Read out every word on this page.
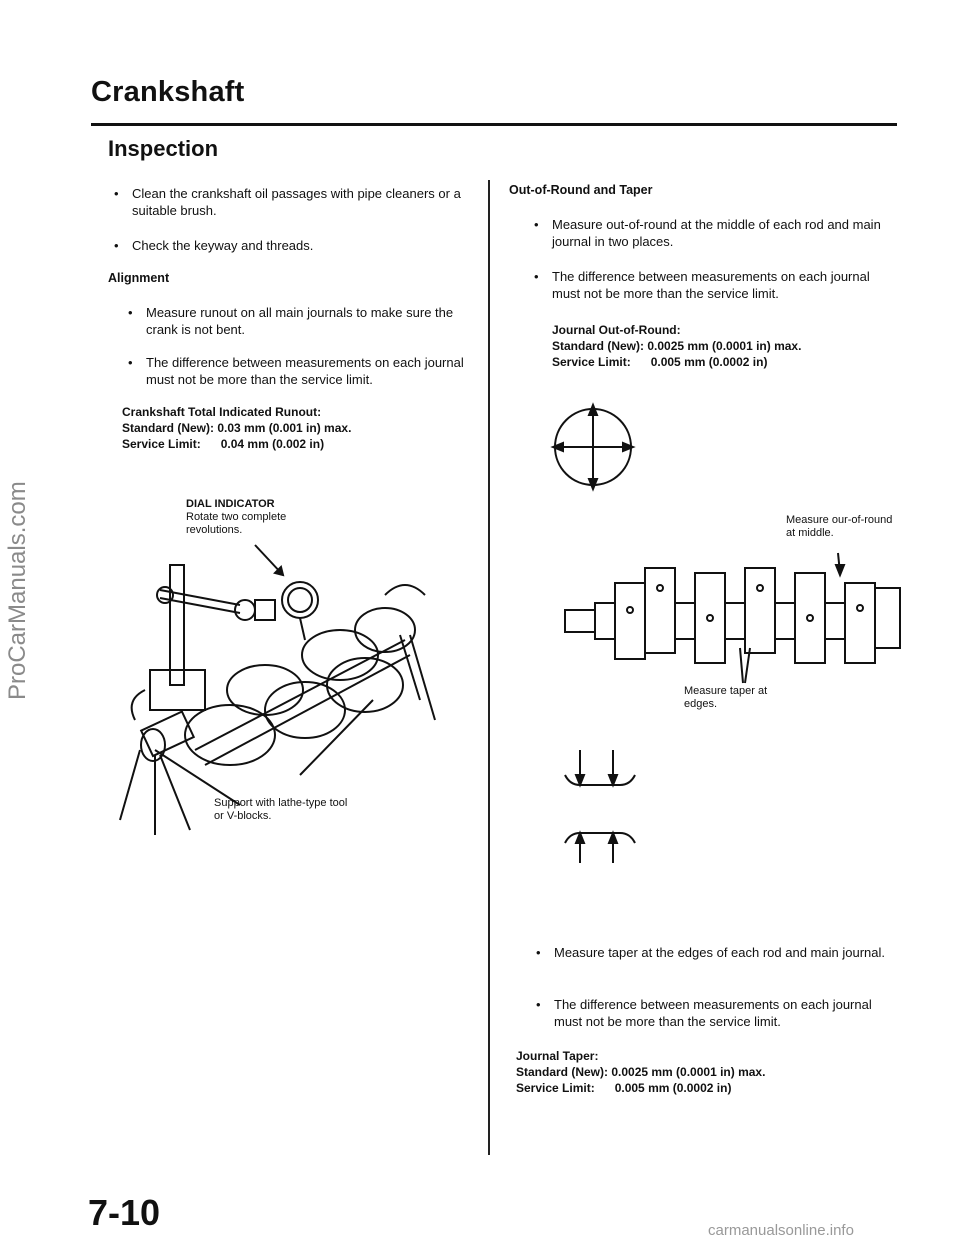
ProCarManuals.com
Crankshaft
Inspection
• Clean the crankshaft oil passages with pipe cleaners or a suitable brush.
• Check the keyway and threads.
Alignment
• Measure runout on all main journals to make sure the crank is not bent.
• The difference between measurements on each journal must not be more than the service limit.
Crankshaft Total Indicated Runout:
Standard (New): 0.03 mm (0.001 in) max.
Service Limit: 0.04 mm (0.002 in)
DIAL INDICATOR
Rotate two complete revolutions.
Support with lathe-type tool or V-blocks.
Out-of-Round and Taper
• Measure out-of-round at the middle of each rod and main journal in two places.
• The difference between measurements on each journal must not be more than the service limit.
Journal Out-of-Round:
Standard (New): 0.0025 mm (0.0001 in) max.
Service Limit: 0.005 mm (0.0002 in)
Measure our-of-round at middle.
Measure taper at edges.
• Measure taper at the edges of each rod and main journal.
• The difference between measurements on each journal must not be more than the service limit.
Journal Taper:
Standard (New): 0.0025 mm (0.0001 in) max.
Service Limit: 0.005 mm (0.0002 in)
7-10	carmanualsonline.info
